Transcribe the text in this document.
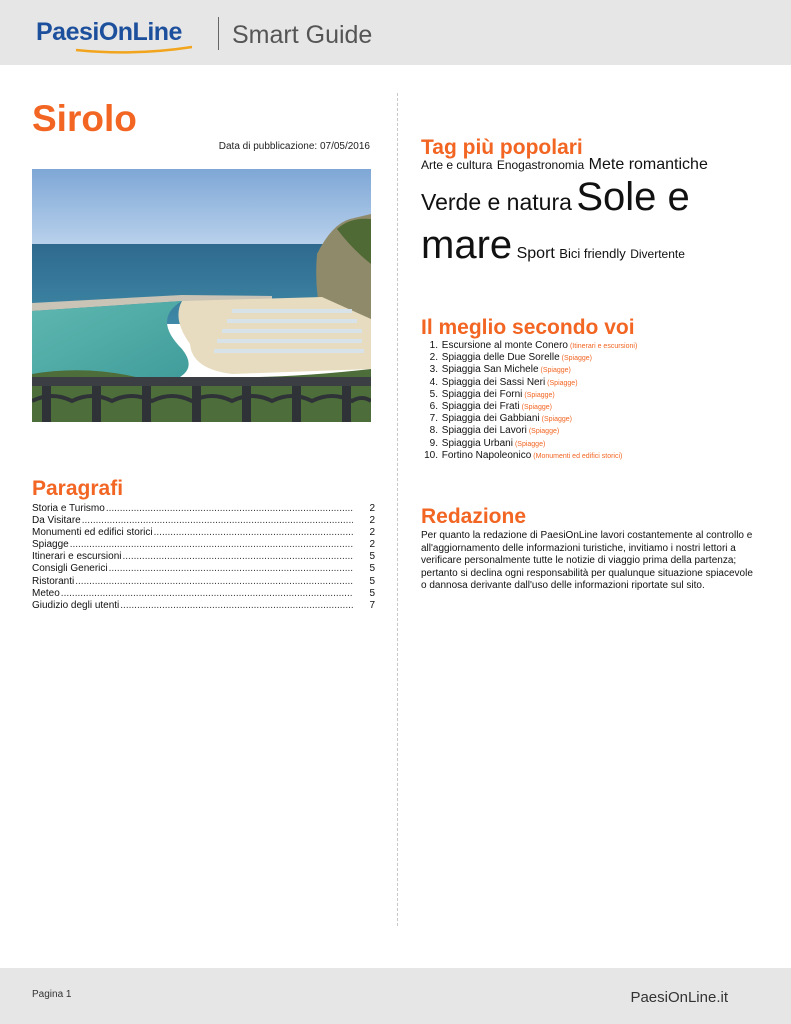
PaesiOnLine Smart Guide
Sirolo
Data di pubblicazione: 07/05/2016
Paragrafi
Storia e Turismo .....	2
Da Visitare .....	2
Monumenti ed edifici storici .....	2
Spiagge .....	2
Itinerari e escursioni .....	5
Consigli Generici .....	5
Ristoranti .....	5
Meteo .....	5
Giudizio degli utenti .....	7
Tag più popolari
Arte e cultura Enogastronomia Mete romantiche Verde e natura Sole e mare Sport Bici friendly Divertente
Il meglio secondo voi
1. Escursione al monte Conero (Itinerari e escursioni)
2. Spiaggia delle Due Sorelle (Spiagge)
3. Spiaggia San Michele (Spiagge)
4. Spiaggia dei Sassi Neri (Spiagge)
5. Spiaggia dei Forni (Spiagge)
6. Spiaggia dei Frati (Spiagge)
7. Spiaggia dei Gabbiani (Spiagge)
8. Spiaggia dei Lavori (Spiagge)
9. Spiaggia Urbani (Spiagge)
10. Fortino Napoleonico (Monumenti ed edifici storici)
Redazione
Per quanto la redazione di PaesiOnLine lavori costantemente al controllo e all'aggiornamento delle informazioni turistiche, invitiamo i nostri lettori a verificare personalmente tutte le notizie di viaggio prima della partenza; pertanto si declina ogni responsabilità per qualunque situazione spiacevole o dannosa derivante dall'uso delle informazioni riportate sul sito.
Pagina 1	PaesiOnLine.it
